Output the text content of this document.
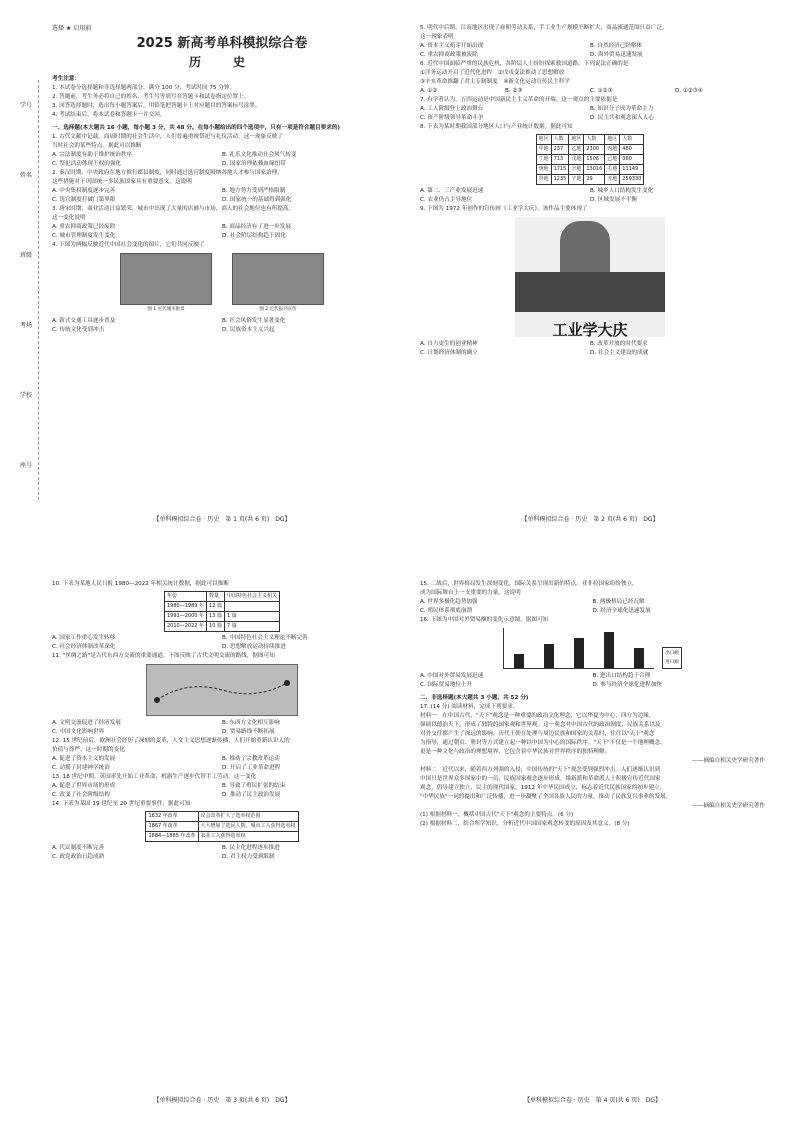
学号
姓名
班级
考场
学校
座号
选择 ★ 启用前
2025 新高考单科模拟综合卷
历　史
考生注意：
1. 本试卷分选择题和非选择题两部分。满分 100 分，考试时间 75 分钟。
2. 答题前，考生务必将自己的姓名、考生号等填写在答题卡和试卷指定位置上。
3. 回答选择题时，选出每小题答案后，用铅笔把答题卡上对应题目的答案标号涂黑。
4. 考试结束后，将本试卷和答题卡一并交回。
一、选择题(本大题共 16 小题，每小题 3 分，共 48 分。在每小题给出的四个选项中，只有一项是符合题目要求的)
1. 古代文献中记载，商周时期的社会生活中，人们普遍重视祭祀与礼仪活动。这一现象反映了
当时社会的某些特点。据此可以推断
A. 宗法制度有助于维护统治秩序	B. 礼乐文化推动社会风气转变
C. 祭祀活动体现王权的强化	D. 国家治理依赖血缘纽带
2. 秦汉时期，中央政府在地方推行郡县制度，同时通过选官制度吸纳各地人才参与国家治理，
这些措施对于巩固统一多民族国家具有重要意义。这说明
A. 中央集权制度逐步完善	B. 地方势力受到严格限制
C. 选官制度打破门第界限	D. 国家统一的基础得到强化
3. 唐宋时期，商业活动日益繁荣，城市中出现了大量的店铺与市场，商人的社会地位也有所提高。
这一变化说明
A. 重农抑商政策已经废除	B. 商品经济有了进一步发展
C. 城市管理制度发生变化	D. 社会阶层结构趋于固化
4. 下图为两幅反映近代中国社会变化的图片，它们共同反映了
图 1 近代城市街景	图 2 近代报刊宣传
A. 新式交通工具逐步普及	B. 社会风俗发生显著变化
C. 传统文化受到冲击	D. 民族资本主义兴起
【单科模拟综合卷 · 历史　第 1 页(共 6 页)　DG】
5. 明代中后期，江南地区出现了雇佣劳动关系，手工业生产规模不断扩大，商品流通范围日益广泛。
这一现象表明
A. 资本主义萌芽开始出现	B. 自然经济已经解体
C. 重农抑商政策被废除	D. 海外贸易迅速发展
6. 近代中国面临严重的民族危机，各阶层人士纷纷探索救国道路。下列说法正确的是
①洋务运动开启了近代化进程　②戊戌变法推动了思想解放
③辛亥革命推翻了君主专制制度　④新文化运动宣传民主科学
A. ①②	B. ②③	C. ①②③	D. ①②③④
7. 有学者认为，五四运动是中国新民主主义革命的开端。这一观点的主要依据是
A. 工人阶级登上政治舞台	B. 知识分子成为革命主力
C. 资产阶级领导革命斗争	D. 民主共和观念深入人心
8. 下表为某时期我国部分地区人口与产业统计数据。据此可知
地区	人数	地区	人数	地区	人数
甲地	237	乙地	2300	丙地	480
丁地	713	戊地	1506	己地	360
庚地	1715	辛地	13016	壬地	11149
癸地	1235	子地	29	丑地	250330
A. 第二、三产业发展迅速	B. 城乡人口结构发生变化
C. 农业仍占主导地位	D. 区域发展不平衡
9. 下图为 1972 年创作的宣传画《工业学大庆》。该作品主要体现了
工业学大庆
A. 自力更生的创业精神	B. 改革开放的时代要求
C. 计划经济体制的确立	D. 社会主义建设的成就
【单科模拟综合卷 · 历史　第 2 页(共 6 页)　DG】
10. 下表为某地人民日报 1980—2022 年相关统计数据，据此可以推断
年份	数量	中国特色社会主义相关
1980—1989 年	12 篇	
1991—2000 年	13 篇	1 篇
2010—2022 年	10 篇	7 篇
A. 国家工作重心发生转移	B. 中国特色社会主义理论不断完善
C. 社会经济体制改革深化	D. 思想解放运动持续推进
11. "丝绸之路"是古代东西方交流的重要通道。下图反映了古代文明交流的路线，据图可知
A. 文明交流促进了经济发展	B. 东西方文化相互影响
C. 中国文化影响世界	D. 贸易路线不断拓展
12. 15 世纪前后，欧洲社会经历了深刻的变革，人文主义思想逐渐传播，人们开始重新认识人的
价值与尊严。这一时期的变化
A. 促进了资本主义的发展	B. 推动了宗教改革运动
C. 动摇了封建神学统治	D. 开启了工业革命进程
13. 18 世纪中期，英国率先开始工业革命，机器生产逐步代替手工劳动。这一变化
A. 促进了世界市场的形成	B. 导致了殖民扩张的结束
C. 改变了社会阶级结构	D. 推动了民主政治发展
14. 下表为某国 19 世纪至 20 世纪重要事件，据此可知
1832 年改革	议会改革扩大了选举权范围
1867 年改革	大大增加了选民人数，城市工人获得选举权
1884—1885 年改革	农业工人获得选举权
A. 代议制度不断完善	B. 民主化进程逐步推进
C. 政党政治日趋成熟	D. 君主权力受到限制
【单科模拟综合卷 · 历史　第 3 页(共 6 页)　DG】
15. 二战后，世界格局发生深刻变化，国际关系呈现出新的特点。亚非拉国家纷纷独立，
成为国际舞台上一支重要的力量。这说明
A. 世界多极化趋势加强	B. 两极格局已经瓦解
C. 殖民体系彻底崩溃	D. 经济全球化迅速发展
16. 下图为中国对外贸易额的变化示意图，据图可知
出口额
进口额
A. 中国对外贸易发展迅速	B. 进出口结构趋于合理
C. 国际贸易地位上升	D. 参与经济全球化进程加快
二、非选择题(本大题共 3 小题，共 52 分)
17. (14 分) 阅读材料，完成下列要求。
材料一　在中国古代，"天下"观念是一种重要的政治文化理念，它以华夏为中心，四方为边缘，
强调以德治天下，形成了独特的国家观和世界观。这一观念对中国古代的政治制度、民族关系以及
对外交往都产生了深远的影响。历代王朝在处理与周边民族和国家的关系时，往往以"天下"观念
为指导，通过朝贡、册封等方式建立起一种以中国为中心的国际秩序。"天下"不仅是一个地理概念，
更是一种文化与政治的理想境界，它包含着中华民族对世界秩序的独特理解。
　　　　　　　　　　　　——摘编自相关史学研究著作
材料二　近代以来，随着西方列强的入侵，中国传统的"天下"观念受到强烈冲击。人们逐渐认识到
中国只是世界众多国家中的一员，民族国家观念逐步形成。维新派和革命派人士积极宣传近代国家
观念，倡导建立独立、民主的现代国家。1912 年中华民国成立，标志着近代民族国家的初步建立。
"中华民族"一词的提出和广泛传播，进一步凝聚了全国各族人民的力量，推动了民族复兴事业的发展。
　　　　　　　　　　　　——摘编自相关史学研究著作
(1) 根据材料一，概括中国古代"天下"观念的主要特点。(6 分)
(2) 根据材料二，结合所学知识，分析近代中国国家观念转变的原因及其意义。(8 分)
【单科模拟综合卷 · 历史　第 4 页(共 6 页)　DG】
